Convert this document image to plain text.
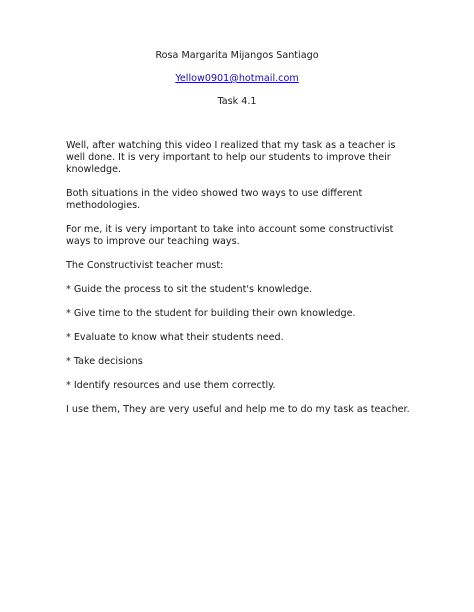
Rosa Margarita Mijangos Santiago
Yellow0901@hotmail.com
Task 4.1

Well, after watching this video I realized that my task as a teacher is well done. It is very important to help our students to improve their knowledge.

Both situations in the video showed two ways to use different methodologies.

For me, it is very important to take into account some constructivist ways to improve our teaching ways.

The Constructivist teacher must:

* Guide the process to sit the student's knowledge.

* Give time to the student for building their own knowledge.

* Evaluate to know what their students need.

* Take decisions

* Identify resources and use them correctly.

I use them, They are very useful and help me to do my task as teacher.
